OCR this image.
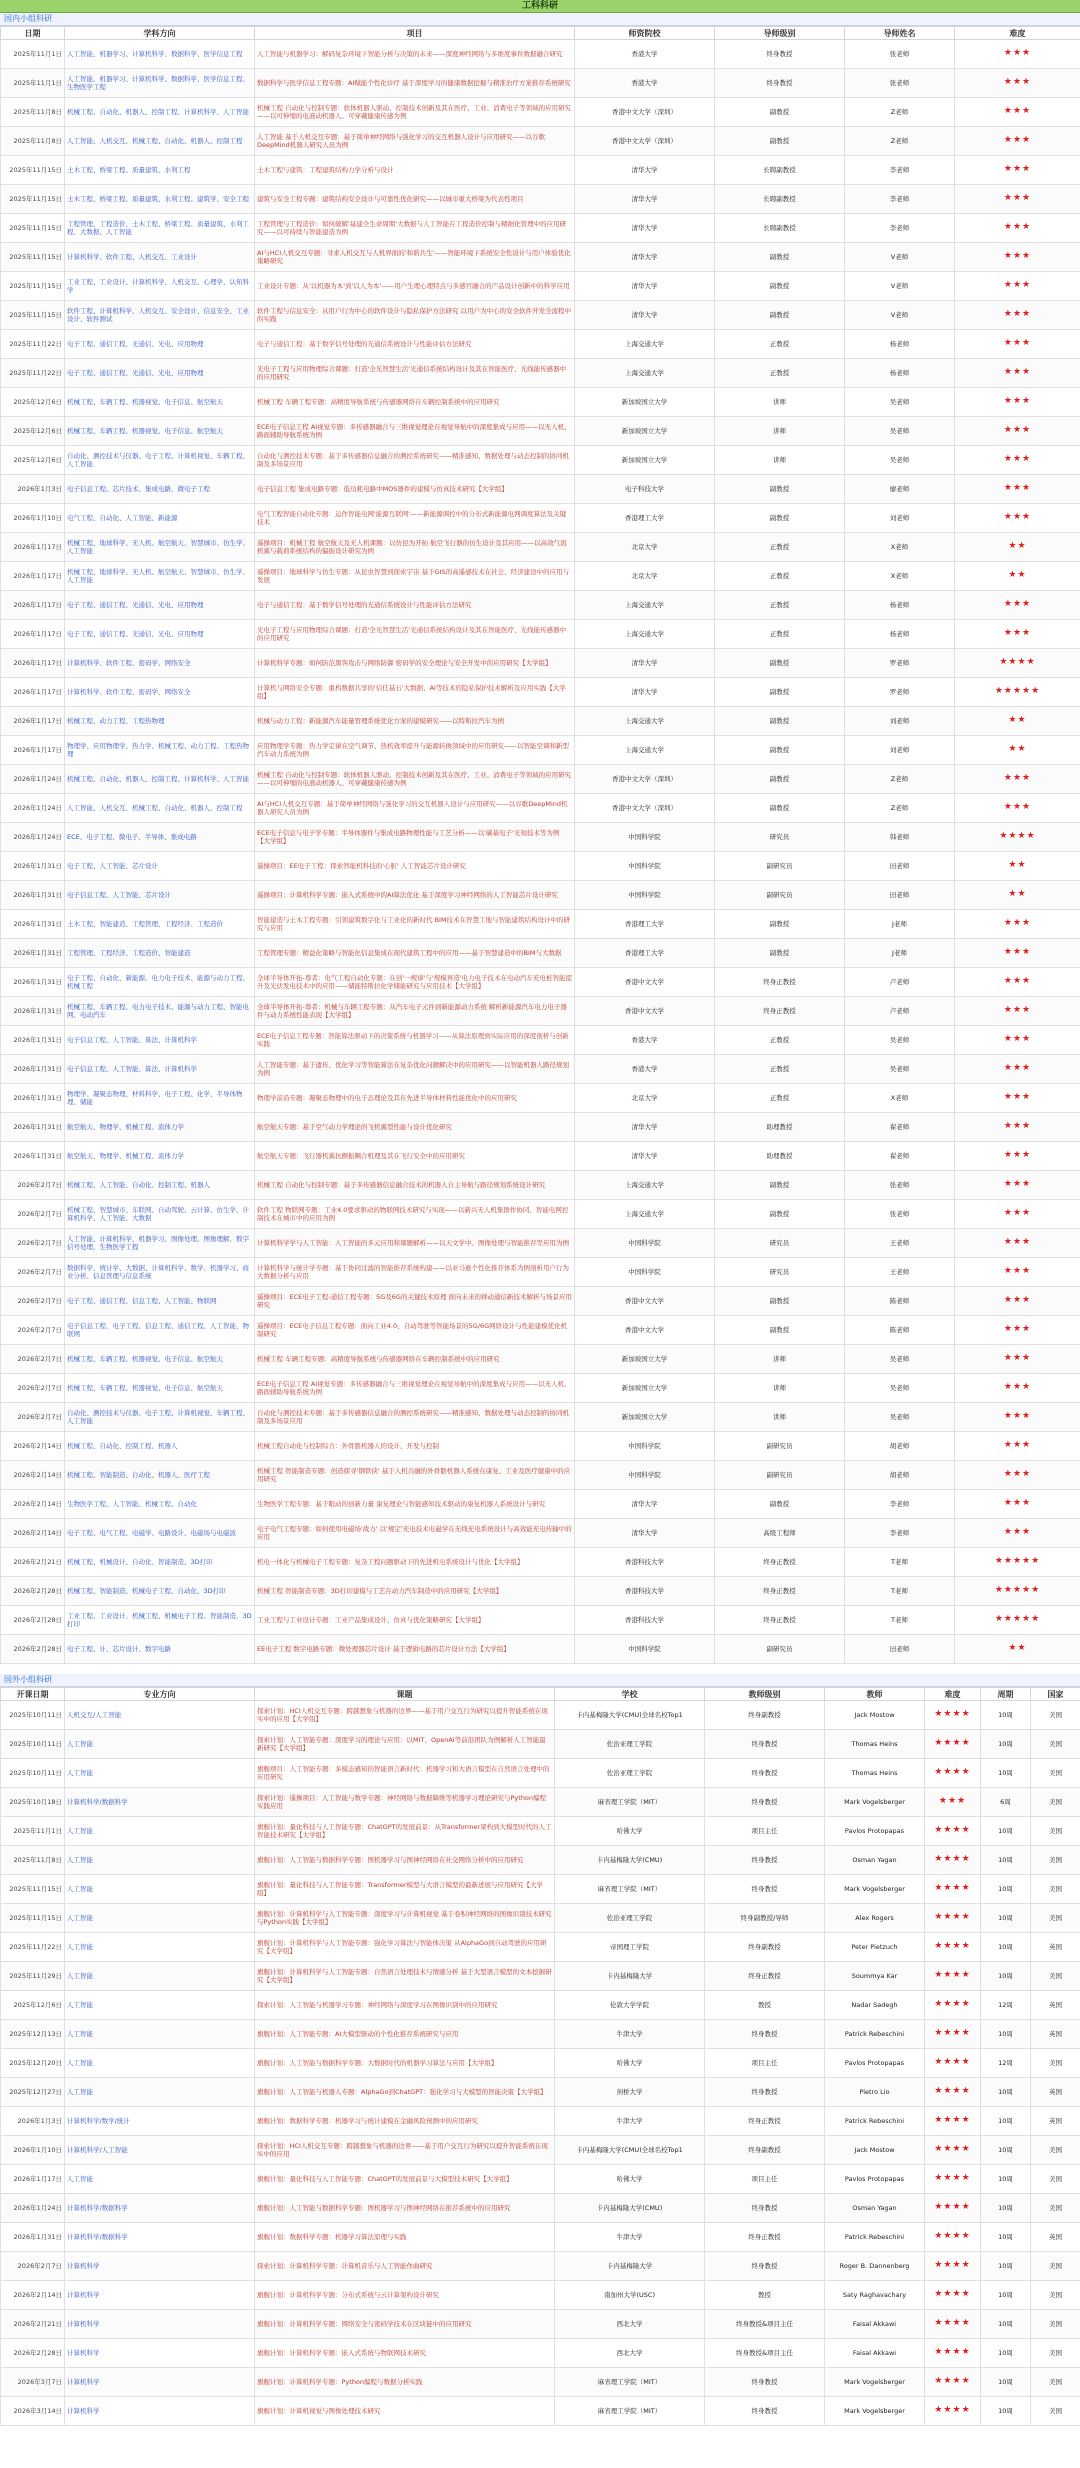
工科科研
国内小组科研
日期	学科方向	项目	师资院校	导师级别	导师姓名	难度
2025年11月1日	人工智能、机器学习、计算机科学、数据科学、医学信息工程	人工智能与机器学习：解码复杂环境下智能分析与决策的未来——深度神经网络与多维度事件数据融合研究	香港大学	终身教授	张老师	★★★
2025年11月1日	人工智能、机器学习、计算机科学、数据科学、医学信息工程、生物医学工程	数据科学与医学信息工程专题：AI赋能个性化诊疗 基于深度学习的健康数据挖掘与精准治疗方案推荐系统研究	香港大学	终身教授	张老师	★★★
2025年11月8日	机械工程、自动化、机器人、控制工程、计算机科学、人工智能	机械工程 自动化与控制专题：软体机器人驱动、控制技术创新及其在医疗、工业、消费电子等领域的应用研究——以可伸缩的电液动机器人、可穿戴健康传感为例	香港中文大学（深圳）	副教授	Z老师	★★★
2025年11月8日	人工智能、人机交互、机械工程、自动化、机器人、控制工程	人工智能 基于人机交互专题：基于简单神经网络与强化学习的交互机器人设计与应用研究——以谷歌DeepMind机器人研究人员为例	香港中文大学（深圳）	副教授	Z老师	★★★
2025年11月15日	土木工程、桥梁工程、质量建筑、水利工程	土木工程与建筑：工程建筑结构力学分析与设计	清华大学	长聘副教授	李老师	★★★
2025年11月15日	土木工程、桥梁工程、质量建筑、水利工程、建筑学、安全工程	建筑与安全工程专题：建筑结构安全设计与可靠性优化研究——以城市重大桥梁为代表性项目	清华大学	长聘副教授	李老师	★★★
2025年11月15日	工程管理、工程造价、土木工程、桥梁工程、质量建筑、水利工程、大数据、人工智能	工程管理与工程造价：如何破解'基建全生命周期'大数据与人工智能在工程造价控制与精细化管理中的应用研究——以可持续与智能建造为例	清华大学	长聘副教授	李老师	★★★
2025年11月15日	计算机科学、软件工程、人机交互、工业设计	AI与HCI人机交互专题：寻求人机交互与人机界面的'和谐共生'——智能环境下系统安全性设计与用户体验优化策略研究	清华大学	副教授	V老师	★★★
2025年11月15日	工业工程、工业设计、计算机科学、人机交互、心理学、认知科学	工业设计专题：从'以机器为本'到'以人为本'——用户生理心理特点与多感官融合的产品设计创新中的科学应用	清华大学	副教授	V老师	★★★
2025年11月15日	软件工程、计算机科学、人机交互、安全设计、信息安全、工业设计、软件测试	软件工程与信息安全：从用户行为中心的软件设计与隐私保护方法研究 以用户为中心的安全软件开发全流程中的实践	清华大学	副教授	V老师	★★★
2025年11月22日	电子工程、通信工程、光通信、光电、应用物理	电子与通信工程：基于数学信号处理的光通信系统设计与性能评估方法研究	上海交通大学	正教授	杨老师	★★★
2025年11月22日	电子工程、通信工程、光通信、光电、应用物理	光电子工程与应用物理综合课题：打造'全光智慧生活'光通信系统结构设计及其在智能医疗、光线能传感器中的应用研究	上海交通大学	正教授	杨老师	★★★
2025年12月6日	机械工程、车辆工程、机器视觉、电子信息、航空航天	机械工程 车辆工程专题：高精度导航系统与传感器网络在车辆控制系统中的应用研究	新加坡国立大学	讲师	吴老师	★★★
2025年12月6日	机械工程、车辆工程、机器视觉、电子信息、航空航天	ECE电子信息工程 AI视觉专题：多传感器融合与三维视觉理论在视觉导航中的深度集成与应用——以无人机、路面辅助导航系统为例	新加坡国立大学	讲师	吴老师	★★★
2025年12月6日	自动化、测控技术与仪器、电子工程、计算机视觉、车辆工程、人工智能	自动化与测控技术专题：基于多传感器信息融合的测控系统研究——精准感知、数据处理与动态控制的协同机制及多场景应用	新加坡国立大学	讲师	吴老师	★★★
2026年1月3日	电子信息工程、芯片技术、集成电路、微电子工程	电子信息工程 集成电路专题：低功耗电路中MOS器件的建模与仿真技术研究【大学组】	电子科技大学	副教授	廖老师	★★★
2026年1月10日	电气工程、自动化、人工智能、新能源	电气工程智能自动化专题：运作智能电网'能源互联网'——新能源调控中的分布式新能源电网调度算法及关键技术	香港理工大学	副教授	刘老师	★★★
2026年1月17日	机械工程、地球科学、无人机、航空航天、智慧城市、仿生学、人工智能	遥操项目：机械工程 航空航天及无人机课题：以仿昆为开拓 航空飞行器的仿生设计及其应用——以高效气流机翼与载荷系统结构的偏振设计研究为例	北京大学	正教授	X老师	★★
2026年1月17日	机械工程、地球科学、无人机、航空航天、智慧城市、仿生学、人工智能	遥操项目：地球科学与仿生专题：从昆虫智慧到探索宇宙 基于GIS的高遥感技术在社会、经济建设中的应用与发展	北京大学	正教授	X老师	★★
2026年1月17日	电子工程、通信工程、光通信、光电、应用物理	电子与通信工程：基于数学信号处理的光通信系统设计与性能评估方法研究	上海交通大学	正教授	杨老师	★★★
2026年1月17日	电子工程、通信工程、光通信、光电、应用物理	光电子工程与应用物理综合课题：打造'全光智慧生活'光通信系统结构设计及其在智能医疗、光线能传感器中的应用研究	上海交通大学	正教授	杨老师	★★★
2026年1月17日	计算机科学、软件工程、密码学、网络安全	计算机科学专题：如何防范黑客攻击与网络防御 密码学的安全理论与安全开发中的应用研究【大学组】	清华大学	副教授	罗老师	★★★★
2026年1月17日	计算机科学、软件工程、密码学、网络安全	计算机与网络安全专题：重构数据共享的'信任基石'大数据、AI等技术的隐私保护技术解析及应用实践【大学组】	清华大学	副教授	罗老师	★★★★★
2026年1月17日	机械工程、动力工程、工程热物理	机械与动力工程：新能源汽车能量管理系统优化方案的建模研究——以特斯拉汽车为例	上海交通大学	副教授	刘老师	★★
2026年1月17日	物理学、应用物理学、热力学、机械工程、动力工程、工程热物理	应用物理学专题：热力学定律在空气调节、热机效率提升与能源转换领域中的应用研究——以智能空调和新型汽车动力系统为例	上海交通大学	副教授	刘老师	★★
2026年1月24日	机械工程、自动化、机器人、控制工程、计算机科学、人工智能	机械工程 自动化与控制专题：软体机器人驱动、控制技术创新及其在医疗、工业、消费电子等领域的应用研究——以可伸缩的电液动机器人、可穿戴健康传感为例	香港中文大学（深圳）	副教授	Z老师	★★★
2026年1月24日	人工智能、人机交互、机械工程、自动化、机器人、控制工程	AI与HCI人机交互专题：基于简单神经网络与强化学习的交互机器人设计与应用研究——以谷歌DeepMind机器人研究人员为例	香港中文大学（深圳）	副教授	Z老师	★★★
2026年1月24日	ECE、电子工程、微电子、半导体、集成电路	ECE电子信息与电子学专题：半导体器件与集成电路物理性能与工艺分析——以'碳基电子'光刻技术等为例【大学组】	中国科学院	研究员	韩老师	★★★★
2026年1月31日	电子工程、人工智能、芯片设计	遥操项目：EE电子工程：探索智能机科技的'心脏' 人工智能芯片设计研究	中国科学院	副研究员	田老师	★★
2026年1月31日	电子信息工程、人工智能、芯片设计	遥操项目：计算机科学专题：嵌入式系统中的AI算法优化 基于深度学习神经网络的人工智能芯片设计研究	中国科学院	副研究员	田老师	★★
2026年1月31日	土木工程、智能建造、工程管理、工程经济、工程造价	智能建造与土木工程专题：引领建筑数字化与工业化的新时代 BIM技术在智慧工地与智能建筑结构设计中的研究与应用	香港理工大学	副教授	J老师	★★★
2026年1月31日	工程管理、工程经济、工程造价、智能建造	工程管理专题：精益化策略与智能化信息集成在现代建筑工程中的应用——基于智慧建造中的BIM与大数据	香港理工大学	副教授	J老师	★★★
2026年1月31日	电子工程、自动化、新能源、电力电子技术、能源与动力工程、机械工程	全球半导体开拓-尊者：电气工程自动化专题：在创'一规律'与'规模再造'电力电子技术在电动汽车充电桩智能提升及光伏发电技术中的应用——储能特斯拉化学储能研究与应用技术【大学组】	香港中文大学	终身正教授	卢老师	★★★
2026年1月31日	机械工程、车辆工程、电力电子技术、能源与动力工程、智能电网、电动汽车	全球半导体开拓-尊者：机械与车辆工程专题：从汽车电子元件到新能源动力系统 解析新能源汽车电力电子器件与动力系统性能表现【大学组】	香港中文大学	终身正教授	卢老师	★★★
2026年1月31日	电子信息工程、人工智能、算法、计算机科学	ECE电子信息工程专题：智能算法驱动下的决策系统与机器学习——从算法原理到实际应用的深度剖析与创新实践	香港大学	正教授	吴老师	★★★
2026年1月31日	电子信息工程、人工智能、算法、计算机科学	人工智能专题：基于遗传、优化学习等智能算法在复杂优化问题解决中的应用研究——以智能机器人路径规划为例	香港大学	正教授	吴老师	★★★
2026年1月31日	物理学、凝聚态物理、材料科学、电子工程、化学、半导体物理、储能	物理学前沿专题：凝聚态物理中的电子态理论及其在先进半导体材料性能优化中的应用研究	北京大学	正教授	X老师	★★★
2026年1月31日	航空航天、物理学、机械工程、流体力学	航空航天专题：基于空气动力学理论的飞机翼型性能与设计优化研究	清华大学	助理教授	翟老师	★★★
2026年1月31日	航空航天、物理学、机械工程、流体力学	航空航天专题：飞行器机翼抗颤振耦合机理及其在飞行安全中的应用研究	清华大学	助理教授	翟老师	★★★
2026年2月7日	机械工程、人工智能、自动化、控制工程、机器人	机械工程 自动化与控制专题：基于多传感器信息融合技术的机器人自主导航与路径规划系统设计研究	上海交通大学	副教授	张老师	★★★
2026年2月7日	机械工程、智慧城市、车联网、自动驾驶、云计算、仿生学、计算机科学、人工智能、大数据	软件工程 物联网专题：工业4.0要求驱动的物联网技术研究与实现——以新兴无人机集群作协同、智能电网控制技术在城市中的应用为例	上海交通大学	副教授	张老师	★★★
2026年2月7日	人工智能、计算机科学、机器学习、图像处理、图像理解、数字信号处理、生物医学工程	计算机科学学与人工智能：人工智能的多元应用和课题解析——以天文学中、图像处理与智能推荐等应用为例	中国科学院	研究员	王老师	★★★
2026年2月7日	数据科学、统计学、大数据、计算机科学、数学、机器学习、商业分析、信息管理与信息系统	计算机科学与统计学专题：基于协同过滤的智能推荐系统构建——以亚马逊个性化推荐体系为例剖析用户行为大数据分析与应用	中国科学院	研究员	王老师	★★★
2026年2月7日	电子工程、通信工程、信息工程、人工智能、物联网	遥操项目：ECE电子工程-通信工程专题：5G及6G的关键技术原理 面向未来的移动通信新技术解析与场景应用研究	香港中文大学	副教授	陈老师	★★★
2026年2月7日	电子信息工程、电子工程、信息工程、通信工程、人工智能、物联网	遥操项目：ECE电子信息工程专题：面向工业4.0、自动驾驶等智能场景的5G/6G网络设计与性能建模优化机制研究	香港中文大学	副教授	陈老师	★★★
2026年2月7日	机械工程、车辆工程、机器视觉、电子信息、航空航天	机械工程 车辆工程专题：高精度导航系统与传感器网络在车辆控制系统中的应用研究	新加坡国立大学	讲师	吴老师	★★★
2026年2月7日	机械工程、车辆工程、机器视觉、电子信息、航空航天	ECE电子信息工程 AI视觉专题：多传感器融合与三维视觉理论在视觉导航中的深度集成与应用——以无人机、路面辅助导航系统为例	新加坡国立大学	讲师	吴老师	★★★
2026年2月7日	自动化、测控技术与仪器、电子工程、计算机视觉、车辆工程、人工智能	自动化与测控技术专题：基于多传感器信息融合的测控系统研究——精准感知、数据处理与动态控制的协同机制及多场景应用	新加坡国立大学	讲师	吴老师	★★★
2026年2月14日	机械工程、自动化、控制工程、机器人	机械工程自动化与控制综合：外骨骼机器人的设计、开发与控制	中国科学院	副研究员	胡老师	★★★
2026年2月14日	机械工程、智能制造、自动化、机器人、医疗工程	机械工程 智能制造专题：创造探寻'钢铁侠' 基于人机共融的外骨骼机器人系统在康复、工业及医疗健康中的应用研究	中国科学院	副研究员	胡老师	★★★
2026年2月14日	生物医学工程、人工智能、机械工程、自动化	生物医学工程专题：基于眼动的创新力量 康复理论与智能感知技术驱动的康复机器人系统设计与研究	清华大学	副教授	李老师	★★★
2026年2月14日	电子工程、电气工程、电磁学、电路设计、电磁场与电磁波	电子电气工程专题：如何使用电磁场'战力' 以'规定'充电技术电磁学在无线充电系统设计与高效能充电传输中的应用	清华大学	高级工程师	李老师	★★★
2026年2月21日	机械工程、机械设计、自动化、智能制造、3D打印	机电一体化与机械电子工程专题：复杂工程问题驱动下的先进机电系统设计与优化【大学组】	香港科技大学	终身正教授	T老师	★★★★★
2026年2月28日	机械工程、智能制造、机械电子工程、自动化、3D打印	机械工程 智能制造专题：3D打印建模与工艺在动力汽车制造中的应用研究【大学组】	香港科技大学	终身正教授	T老师	★★★★★
2026年2月28日	工业工程、工业设计、机械工程、机械电子工程、智能制造、3D打印	工业工程与工业设计专题：工业产品集成设计、仿真与优化策略研究【大学组】	香港科技大学	终身正教授	T老师	★★★★★
2026年2月28日	电子工程、计、芯片设计、数字电路	EE电子工程 数字电路专题：微处理器芯片设计 基于逻辑电路的芯片设计方法【大学组】	中国科学院	副研究员	田老师	★★
国外小组科研
开课日期	专业方向	课题	学校	教师级别	教师	难度	周期	国家
2025年10月11日	人机交互/人工智能	探索计划：HCI人机交互专题：跨越想象与机器的边界——基于用户交互行为研究以提升智能系统在现实中的应用【大学组】	卡内基梅隆大学(CMU)全球名校Top1	终身副教授	Jack Mostow	★★★★	10周	美国
2025年10月11日	人工智能	探索计划：人工智能专题：深度学习的理论与应用：以MIT、OpenAI等前沿团队为例解析人工智能最新研究【大学组】	佐治亚理工学院	终身教授	Thomas Heins	★★★★	10周	美国
2025年10月11日	人工智能	旗舰项目：人工智能专题：多模态感知的智能语言新时代：机器学习和大语言模型在自然语言处理中的应用研究	佐治亚理工学院	终身教授	Thomas Heins	★★★★	10周	美国
2025年10月18日	计算机科学/数据科学	探索计划：遥操项目：人工智能与数学专题：神经网络与数据降维等机器学习理论研究与Python编程实践应用	麻省理工学院（MIT）	终身教授	Mark Vogelsberger	★★★	6周	美国
2025年11月1日	人工智能	旗舰计划：量化科技与人工智能专题：ChatGPT的发展前景：从Transformer架构到大模型时代的人工智能技术研究【大学组】	哈佛大学	项目主任	Pavlos Protopapas	★★★★	10周	美国
2025年11月8日	人工智能	旗舰计划：人工智能与数据科学专题：图机器学习与图神经网络在社交网络分析中的应用研究	卡内基梅隆大学(CMU)	终身教授	Osman Yagan	★★★★	10周	美国
2025年11月15日	人工智能	旗舰计划：量化科技与人工智能专题：Transformer模型与大语言模型的最新进展与应用研究【大学组】	麻省理工学院（MIT）	终身教授	Mark Vogelsberger	★★★★	10周	美国
2025年11月15日	人工智能	旗舰计划：计算机科学与人工智能专题：深度学习与计算机视觉 基于卷积神经网络的图像识别技术研究与Python实践【大学组】	佐治亚理工学院	终身副教授/导师	Alex Rogers	★★★★	10周	美国
2025年11月22日	人工智能	旗舰计划：计算机科学与人工智能专题：强化学习算法与智能体决策 从AlphaGo到自动驾驶的应用研究【大学组】	帝国理工学院	终身副教授	Peter Pietzuch	★★★★	10周	英国
2025年11月29日	人工智能	旗舰计划：计算机科学与人工智能专题：自然语言处理技术与情感分析 基于大型语言模型的文本挖掘研究【大学组】	卡内基梅隆大学	终身正教授	Soummya Kar	★★★★	10周	美国
2025年12月6日	人工智能	探索计划：人工智能与机器学习专题：神经网络与深度学习在图像识别中的应用研究	伦敦大学学院	教授	Nadar Sadegh	★★★★	12周	英国
2025年12月13日	人工智能	旗舰计划：人工智能专题：AI大模型驱动的个性化推荐系统研究与应用	牛津大学	终身教授	Patrick Rebeschini	★★★★	10周	英国
2025年12月20日	人工智能	旗舰计划：人工智能与数据科学专题：大数据时代的机器学习算法与应用【大学组】	哈佛大学	项目主任	Pavlos Protopapas	★★★★	12周	美国
2025年12月27日	人工智能	旗舰计划：人工智能与机器人专题：AlphaGo到ChatGPT：强化学习与大模型的智能决策【大学组】	剑桥大学	终身教授	Pietro Lio	★★★★	10周	英国
2026年1月3日	计算机科学/数学/统计	旗舰计划：数据科学专题：机器学习与统计建模在金融风险预测中的应用研究	牛津大学	终身正教授	Patrick Rebeschini	★★★★	10周	英国
2026年1月10日	计算机科学/人工智能	探索计划：HCI人机交互专题：跨越想象与机器的边界——基于用户交互行为研究以提升智能系统在现实中的应用	卡内基梅隆大学(CMU)全球名校Top1	终身副教授	Jack Mostow	★★★★	10周	美国
2026年1月17日	人工智能	旗舰计划：量化科技与人工智能专题：ChatGPT的发展前景与大模型技术研究【大学组】	哈佛大学	项目主任	Pavlos Protopapas	★★★★	10周	美国
2026年1月24日	计算机科学/数据科学	旗舰计划：人工智能与数据科学专题：图机器学习与图神经网络在推荐系统中的应用研究	卡内基梅隆大学(CMU)	终身教授	Osman Yagan	★★★★	10周	美国
2026年1月31日	计算机科学/数据科学	旗舰计划：数据科学专题：机器学习算法原理与实践	牛津大学	终身正教授	Patrick Rebeschini	★★★★	10周	英国
2026年2月7日	计算机科学	探索计划：计算机科学专题：计算机音乐与人工智能作曲研究	卡内基梅隆大学	终身教授	Roger B. Dannenberg	★★★★	10周	美国
2026年2月14日	计算机科学	旗舰计划：计算机科学专题：分布式系统与云计算架构设计研究	南加州大学(USC)	教授	Saty Raghavachary	★★★★	10周	美国
2026年2月21日	计算机科学	旗舰计划：计算机科学专题：网络安全与密码学技术在区块链中的应用研究	西北大学	终身教授&项目主任	Faisal Akkawi	★★★★	10周	美国
2026年2月28日	计算机科学	旗舰计划：计算机科学专题：嵌入式系统与物联网技术研究	西北大学	终身教授&项目主任	Faisal Akkawi	★★★★	10周	美国
2026年3月7日	计算机科学	旗舰计划：计算机科学专题：Python编程与数据分析实践	麻省理工学院（MIT）	终身教授	Mark Vogelsberger	★★★★	10周	美国
2026年3月14日	计算机科学	旗舰计划：计算机视觉与图像处理技术研究	麻省理工学院（MIT）	终身教授	Mark Vogelsberger	★★★★	10周	美国
